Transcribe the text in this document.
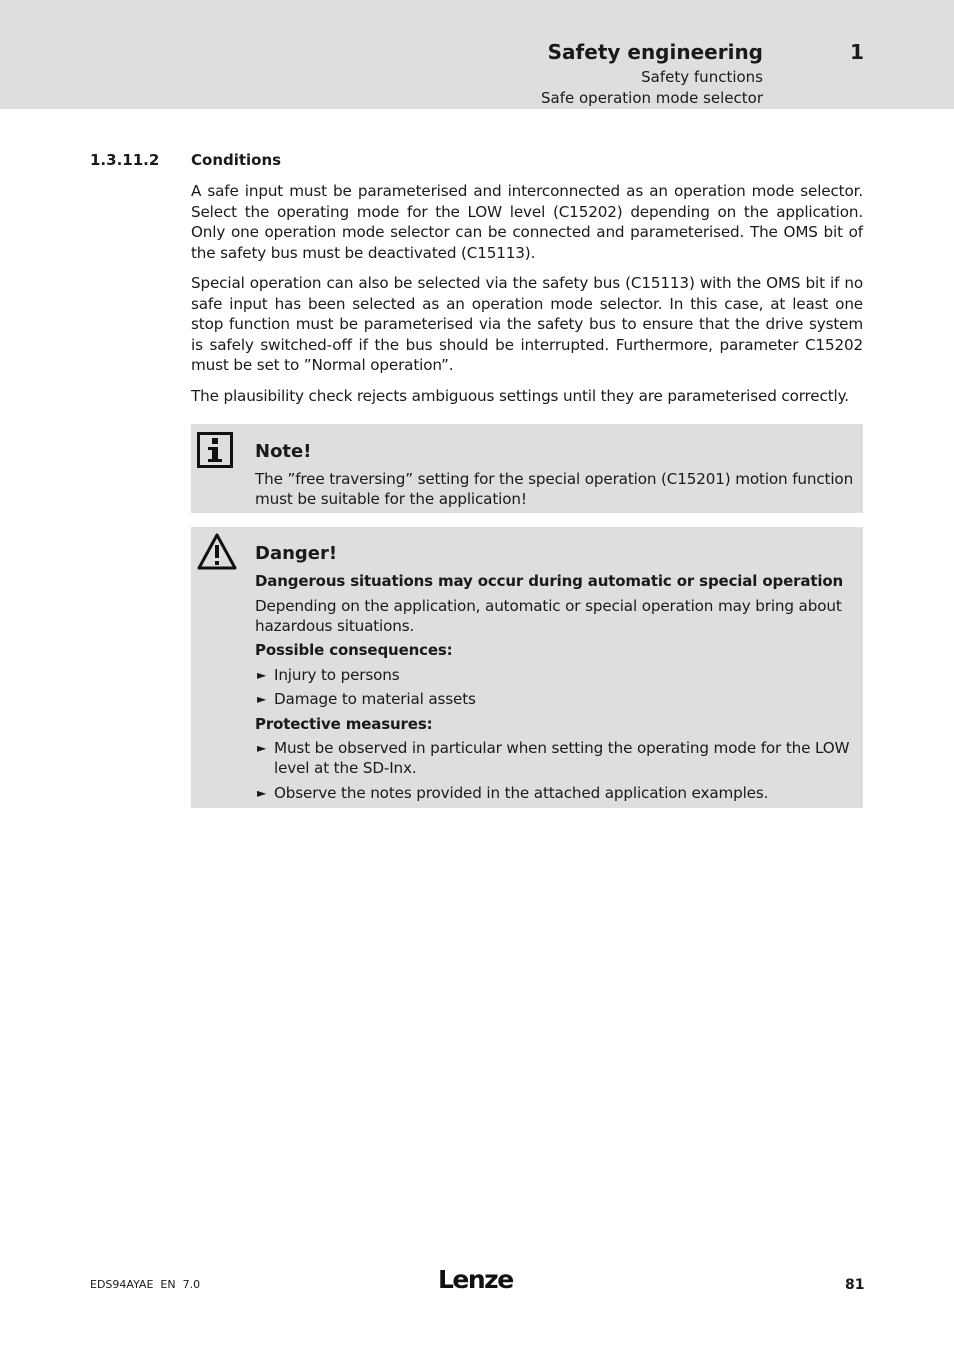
Safety engineering	1
Safety functions
Safe operation mode selector
1.3.11.2 Conditions

A safe input must be parameterised and interconnected as an operation mode selector. Select the operating mode for the LOW level (C15202) depending on the application. Only one operation mode selector can be connected and parameterised. The OMS bit of the safety bus must be deactivated (C15113).

Special operation can also be selected via the safety bus (C15113) with the OMS bit if no safe input has been selected as an operation mode selector. In this case, at least one stop function must be parameterised via the safety bus to ensure that the drive system is safely switched-off if the bus should be interrupted. Furthermore, parameter C15202 must be set to ”Normal operation”.

The plausibility check rejects ambiguous settings until they are parameterised correctly.

Note!

The ”free traversing” setting for the special operation (C15201) motion function must be suitable for the application!

Danger!
Dangerous situations may occur during automatic or special operation

Depending on the application, automatic or special operation may bring about hazardous situations.

Possible consequences:
► Injury to persons
► Damage to material assets
Protective measures:
► Must be observed in particular when setting the operating mode for the LOW level at the SD-Inx.
► Observe the notes provided in the attached application examples.
EDS94AYAE  EN  7.0	Lenze	81
